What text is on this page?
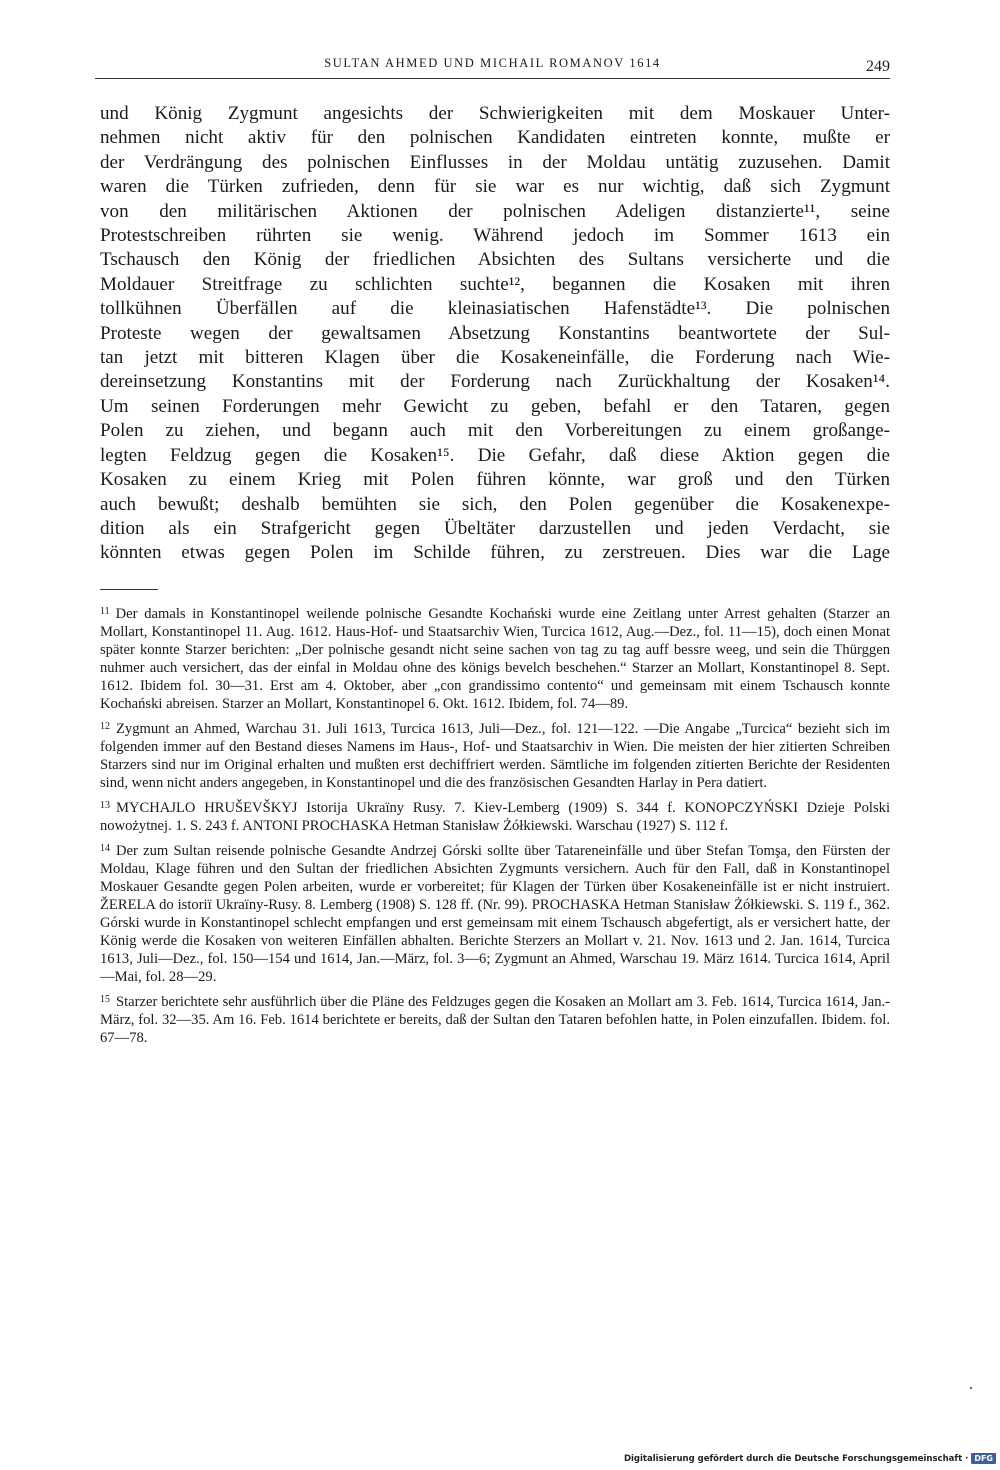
SULTAN AHMED UND MICHAIL ROMANOV 1614	249
und König Zygmunt angesichts der Schwierigkeiten mit dem Moskauer Unter-
nehmen nicht aktiv für den polnischen Kandidaten eintreten konnte, mußte er
der Verdrängung des polnischen Einflusses in der Moldau untätig zuzusehen. Damit
waren die Türken zufrieden, denn für sie war es nur wichtig, daß sich Zygmunt
von den militärischen Aktionen der polnischen Adeligen distanzierte¹¹, seine
Protestschreiben rührten sie wenig. Während jedoch im Sommer 1613 ein
Tschausch den König der friedlichen Absichten des Sultans versicherte und die
Moldauer Streitfrage zu schlichten suchte¹², begannen die Kosaken mit ihren
tollkühnen Überfällen auf die kleinasiatischen Hafenstädte¹³. Die polnischen
Proteste wegen der gewaltsamen Absetzung Konstantins beantwortete der Sul-
tan jetzt mit bitteren Klagen über die Kosakeneinfälle, die Forderung nach Wie-
dereinsetzung Konstantins mit der Forderung nach Zurückhaltung der Kosaken¹⁴.
Um seinen Forderungen mehr Gewicht zu geben, befahl er den Tataren, gegen
Polen zu ziehen, und begann auch mit den Vorbereitungen zu einem großange-
legten Feldzug gegen die Kosaken¹⁵. Die Gefahr, daß diese Aktion gegen die
Kosaken zu einem Krieg mit Polen führen könnte, war groß und den Türken
auch bewußt; deshalb bemühten sie sich, den Polen gegenüber die Kosakenexpe-
dition als ein Strafgericht gegen Übeltäter darzustellen und jeden Verdacht, sie
könnten etwas gegen Polen im Schilde führen, zu zerstreuen. Dies war die Lage

$^{11}$ Der damals in Konstantinopel weilende polnische Gesandte Kochański wurde eine Zeitlang unter Arrest gehalten (Starzer an Mollart, Konstantinopel 11. Aug. 1612. Haus-Hof- und Staatsarchiv Wien, Turcica 1612, Aug.—Dez., fol. 11—15), doch einen Monat später konnte Starzer berichten: „Der polnische gesandt nicht seine sachen von tag zu tag auff bessre weeg, und sein die Thürggen nuhmer auch versichert, das der einfal in Moldau ohne des königs bevelch beschehen.“ Starzer an Mollart, Konstantinopel 8. Sept. 1612. Ibidem fol. 30—31. Erst am 4. Oktober, aber „con grandissimo contento“ und gemeinsam mit einem Tschausch konnte Kochański abreisen. Starzer an Mollart, Konstantinopel 6. Okt. 1612. Ibidem, fol. 74—89.

$^{12}$ Zygmunt an Ahmed, Warchau 31. Juli 1613, Turcica 1613, Juli—Dez., fol. 121—122. —Die Angabe „Turcica“ bezieht sich im folgenden immer auf den Bestand dieses Namens im Haus-, Hof- und Staatsarchiv in Wien. Die meisten der hier zitierten Schreiben Starzers sind nur im Original erhalten und mußten erst dechiffriert werden. Sämtliche im folgenden zitierten Berichte der Residenten sind, wenn nicht anders angegeben, in Konstantinopel und die des französischen Gesandten Harlay in Pera datiert.

$^{13}$ MYCHAJLO HRUŠEVŠKYJ Istorija Ukraïny Rusy. 7. Kiev-Lemberg (1909) S. 344 f. KONOPCZYŃSKI Dzieje Polski nowożytnej. 1. S. 243 f. ANTONI PROCHASKA Hetman Stanisław Żółkiewski. Warschau (1927) S. 112 f.

$^{14}$ Der zum Sultan reisende polnische Gesandte Andrzej Górski sollte über Tatareneinfälle und über Stefan Tomşa, den Fürsten der Moldau, Klage führen und den Sultan der friedlichen Absichten Zygmunts versichern. Auch für den Fall, daß in Konstantinopel Moskauer Gesandte gegen Polen arbeiten, wurde er vorbereitet; für Klagen der Türken über Kosakeneinfälle ist er nicht instruiert. ŽERELA do istoriï Ukraïny-Rusy. 8. Lemberg (1908) S. 128 ff. (Nr. 99). PROCHASKA Hetman Stanisław Żółkiewski. S. 119 f., 362. Górski wurde in Konstantinopel schlecht empfangen und erst gemeinsam mit einem Tschausch abgefertigt, als er versichert hatte, der König werde die Kosaken von weiteren Einfällen abhalten. Berichte Sterzers an Mollart v. 21. Nov. 1613 und 2. Jan. 1614, Turcica 1613, Juli—Dez., fol. 150—154 und 1614, Jan.—März, fol. 3—6; Zygmunt an Ahmed, Warschau 19. März 1614. Turcica 1614, April—Mai, fol. 28—29.

$^{15}$ Starzer berichtete sehr ausführlich über die Pläne des Feldzuges gegen die Kosaken an Mollart am 3. Feb. 1614, Turcica 1614, Jan.-März, fol. 32—35. Am 16. Feb. 1614 berichtete er bereits, daß der Sultan den Tataren befohlen hatte, in Polen einzufallen. Ibidem. fol. 67—78.

Digitalisierung gefördert durch die Deutsche Forschungsgemeinschaft · DFG
